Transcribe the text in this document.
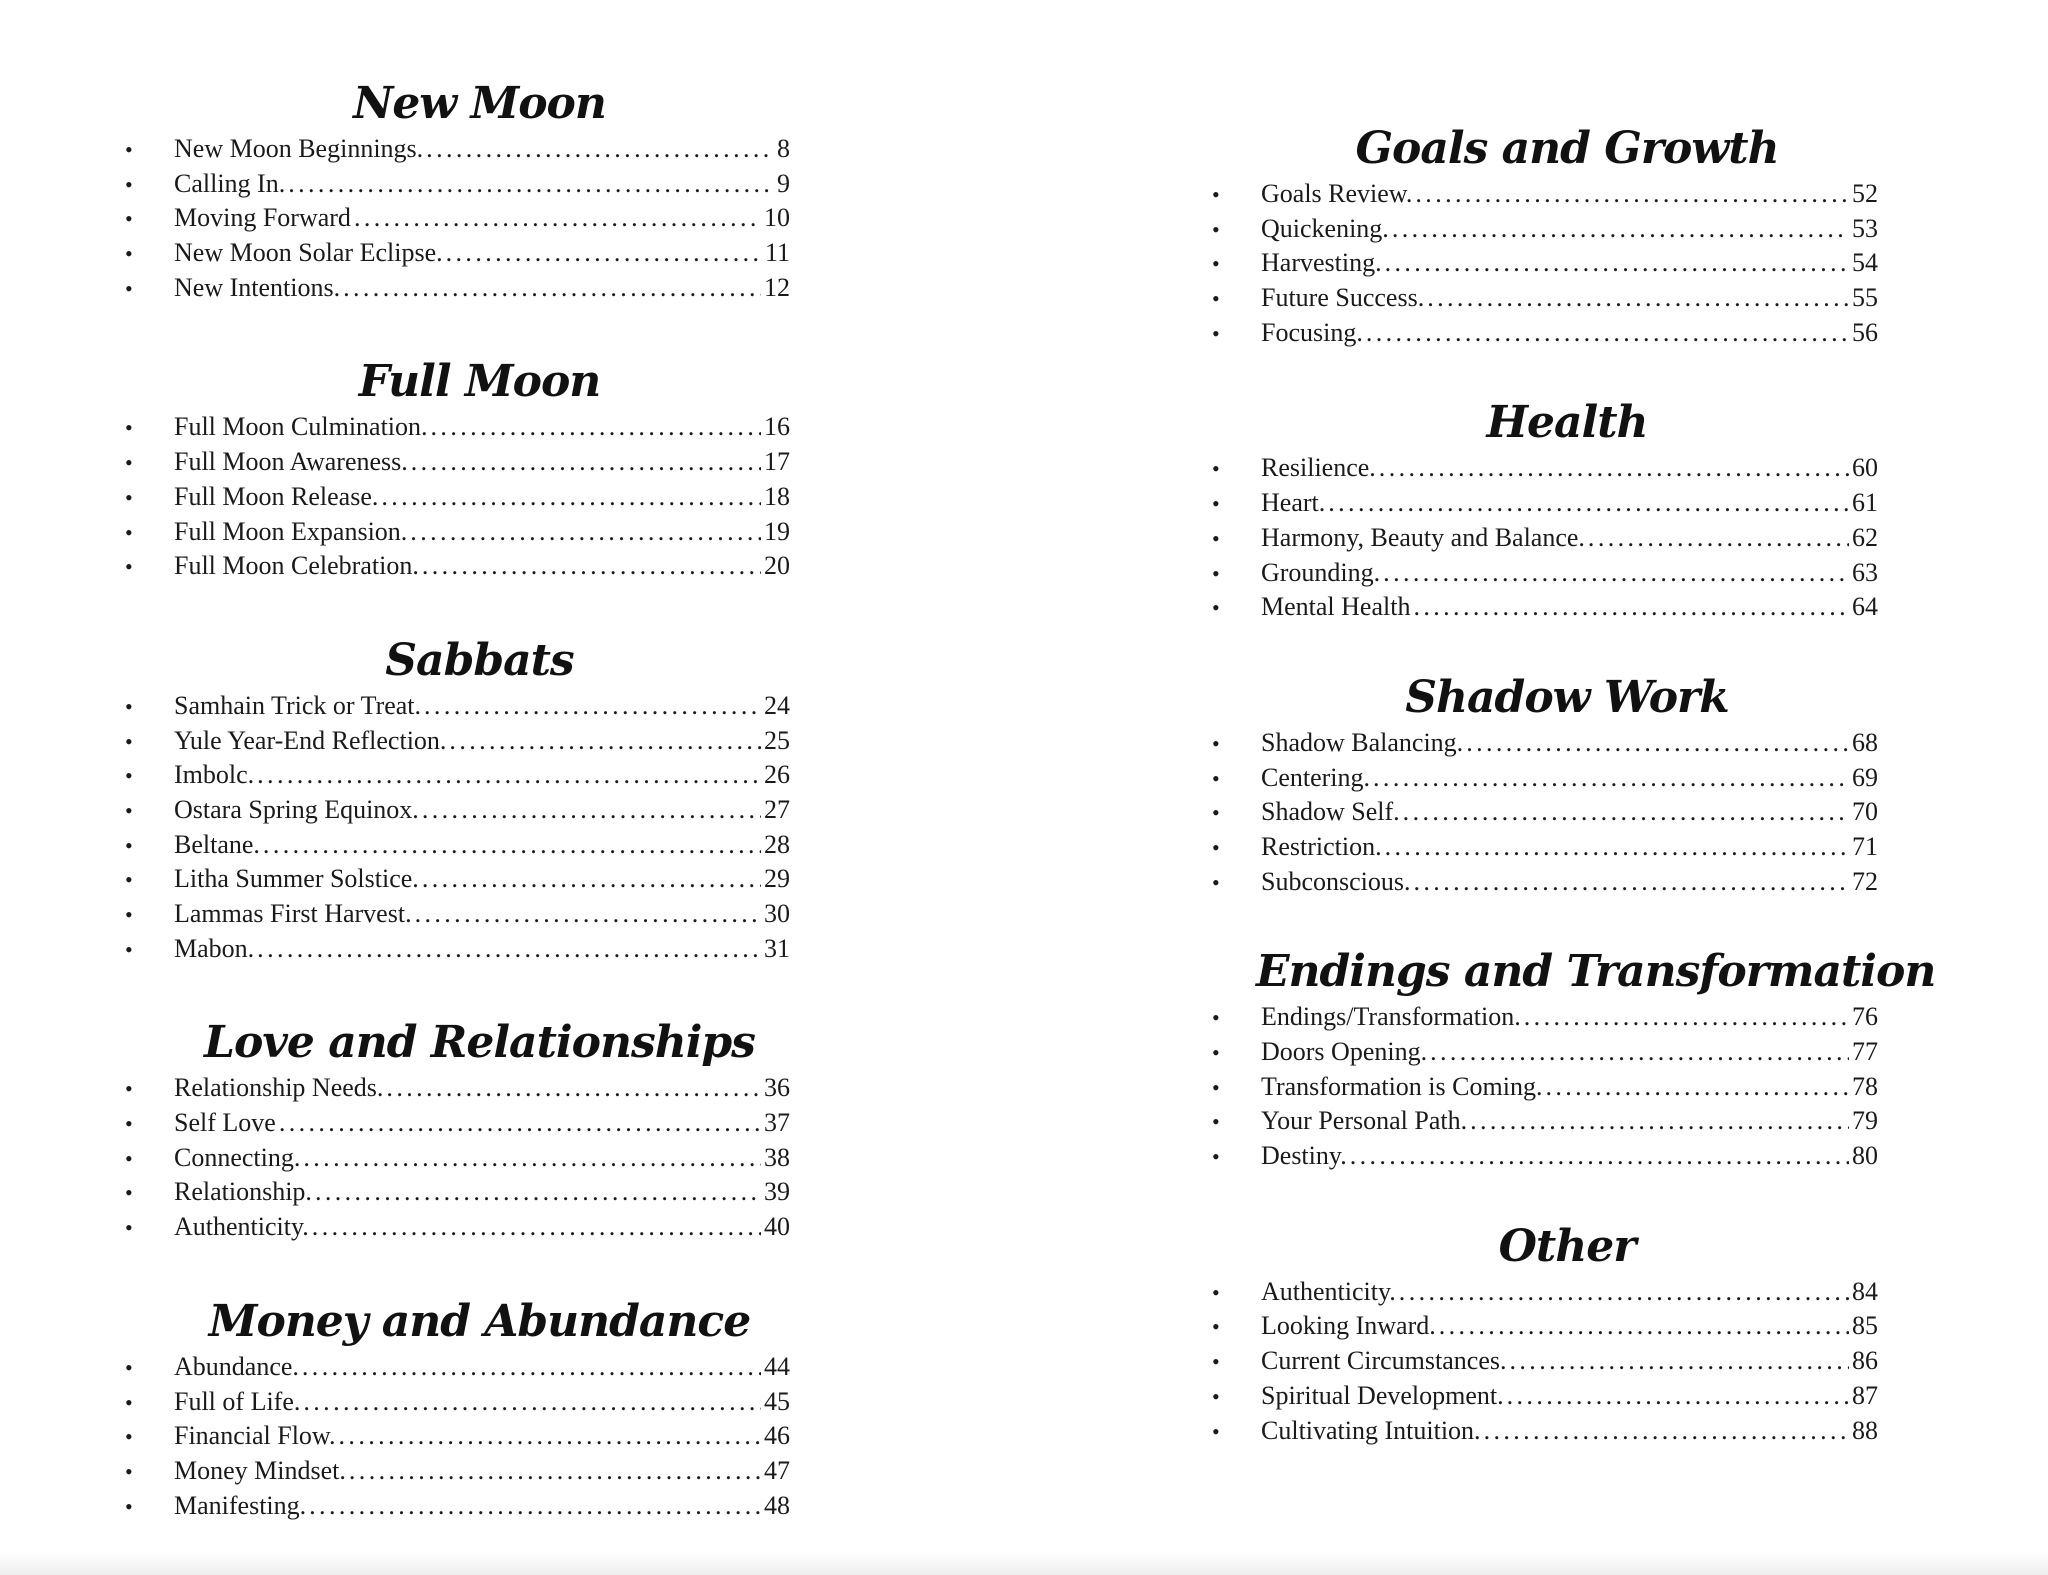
New Moon
•	New Moon Beginnings. .....	8
•	Calling In. .....	9
•	Moving Forward .....	10
•	New Moon Solar Eclipse. .....	11
•	New Intentions. .....	12
Full Moon
•	Full Moon Culmination. .....	16
•	Full Moon Awareness. .....	17
•	Full Moon Release. .....	18
•	Full Moon Expansion. .....	19
•	Full Moon Celebration. .....	20
Sabbats
•	Samhain Trick or Treat. .....	24
•	Yule Year-End Reflection. .....	25
•	Imbolc. .....	26
•	Ostara Spring Equinox. .....	27
•	Beltane. .....	28
•	Litha Summer Solstice. .....	29
•	Lammas First Harvest. .....	30
•	Mabon. .....	31
Love and Relationships
•	Relationship Needs. .....	36
•	Self Love .....	37
•	Connecting. .....	38
•	Relationship. .....	39
•	Authenticity. .....	40
Money and Abundance
•	Abundance. .....	44
•	Full of Life. .....	45
•	Financial Flow. .....	46
•	Money Mindset. .....	47
•	Manifesting. .....	48
Goals and Growth
•	Goals Review. .....	52
•	Quickening. .....	53
•	Harvesting. .....	54
•	Future Success. .....	55
•	Focusing. .....	56
Health
•	Resilience. .....	60
•	Heart. .....	61
•	Harmony, Beauty and Balance. .....	62
•	Grounding. .....	63
•	Mental Health .....	64
Shadow Work
•	Shadow Balancing. .....	68
•	Centering. .....	69
•	Shadow Self. .....	70
•	Restriction. .....	71
•	Subconscious. .....	72
Endings and Transformation
•	Endings/Transformation. .....	76
•	Doors Opening. .....	77
•	Transformation is Coming. .....	78
•	Your Personal Path. .....	79
•	Destiny. .....	80
Other
•	Authenticity. .....	84
•	Looking Inward. .....	85
•	Current Circumstances. .....	86
•	Spiritual Development. .....	87
•	Cultivating Intuition. .....	88
